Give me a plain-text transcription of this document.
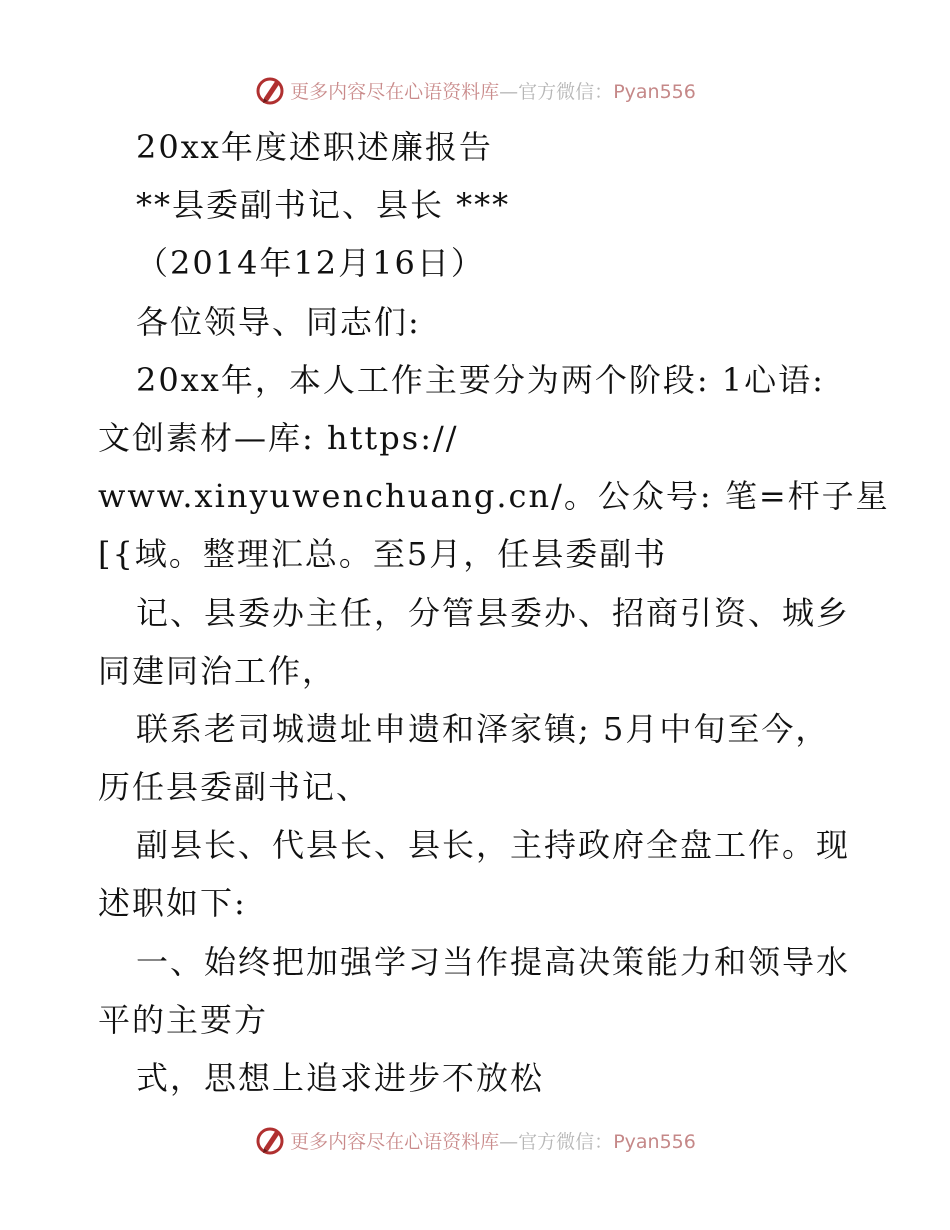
更多内容尽在心语资料库—官方微信：Pyan556
20xx年度述职述廉报告
**县委副书记、县长 ***
（2014年12月16日）
各位领导、同志们:
20xx年，本人工作主要分为两个阶段: 1心语:
文创素材—库: https://
www.xinyuwenchuang.cn/。公众号: 笔=杆子星
[{域。整理汇总。至5月，任县委副书
记、县委办主任，分管县委办、招商引资、城乡
同建同治工作，
联系老司城遗址申遗和泽家镇; 5月中旬至今，
历任县委副书记、
副县长、代县长、县长，主持政府全盘工作。现
述职如下:
一、始终把加强学习当作提高决策能力和领导水
平的主要方
式，思想上追求进步不放松
更多内容尽在心语资料库—官方微信：Pyan556
